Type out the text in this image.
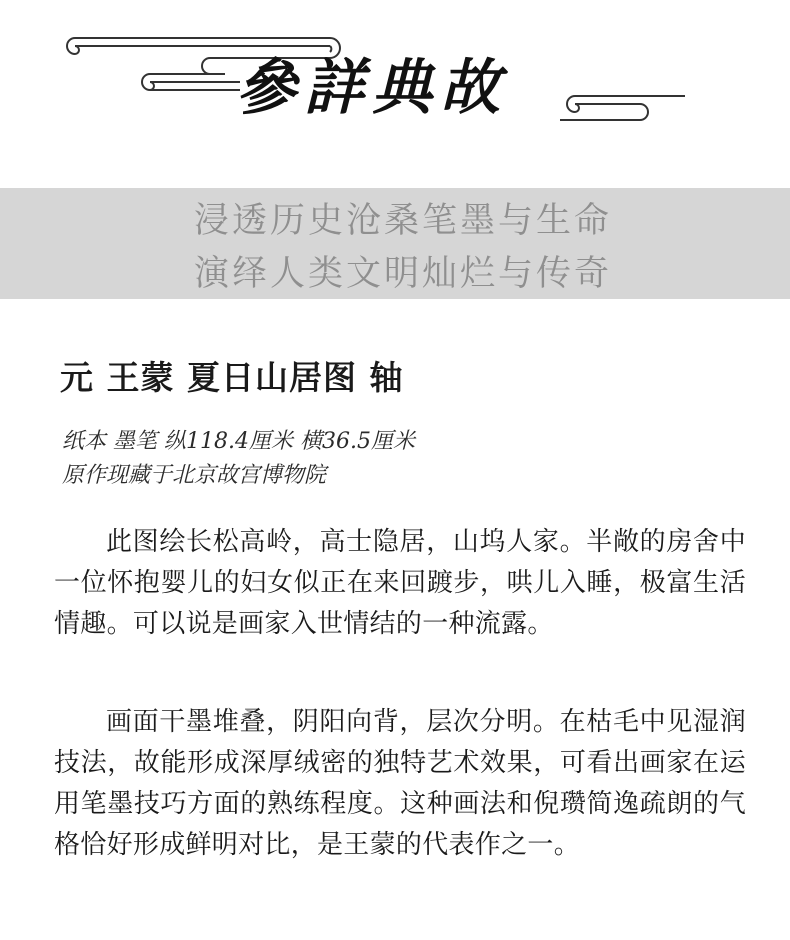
參詳典故
浸透历史沧桑笔墨与生命
演绎人类文明灿烂与传奇
元 王蒙 夏日山居图 轴
纸本 墨笔 纵118.4厘米 横36.5厘米
原作现藏于北京故宫博物院

此图绘长松高岭，高士隐居，山坞人家。半敞的房舍中一位怀抱婴儿的妇女似正在来回踱步，哄儿入睡，极富生活情趣。可以说是画家入世情结的一种流露。

画面干墨堆叠，阴阳向背，层次分明。在枯毛中见湿润技法，故能形成深厚绒密的独特艺术效果，可看出画家在运用笔墨技巧方面的熟练程度。这种画法和倪瓒简逸疏朗的气格恰好形成鲜明对比，是王蒙的代表作之一。
